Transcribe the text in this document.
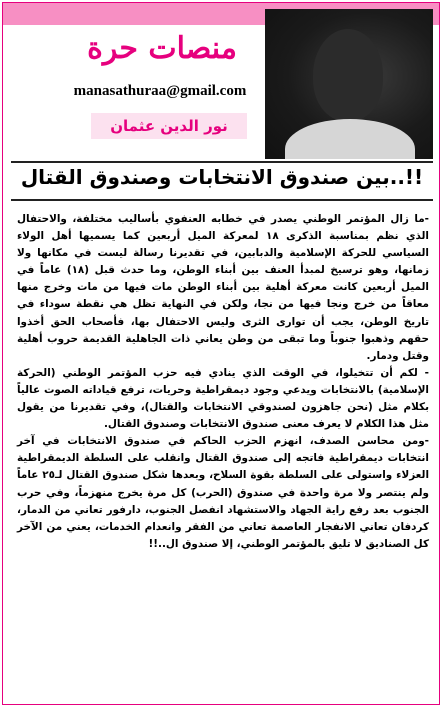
منصات حرة
manasathuraa@gmail.com
نور الدين عثمان
بين صندوق الانتخابات وصندوق القتال..!!

-ما زال المؤتمر الوطني يصدر في خطابه العنفوي بأساليب مختلفة، والاحتفال الذي نظم بمناسبة الذكرى ١٨ لمعركة الميل أربعين كما يسميها أهل الولاء السياسي للحركة الإسلامية والدبابين، في تقديرنا رسالة ليست في مكانها ولا زمانها، وهو ترسيخ لمبدأ العنف بين أبناء الوطن، وما حدث قبل (١٨) عاماً في الميل أربعين كانت معركة أهلية بين أبناء الوطن مات فيها من مات وخرج منها معاقاً من خرج ونجا فيها من نجا، ولكن في النهاية تظل هي نقطة سوداء في تاريخ الوطن، يجب أن توارى الثرى وليس الاحتفال بها، فأصحاب الحق أخذوا حقهم وذهبوا جنوباً وما تبقى من وطن يعاني ذات الجاهلية القديمة حروب أهلية وقتل ودمار.

- لكم أن تتخيلوا، في الوقت الذي ينادي فيه حزب المؤتمر الوطني (الحركة الإسلامية) بالانتخابات ويدعي وجود ديمقراطية وحريات، ترفع قياداته الصوت عالياً بكلام مثل (نحن جاهزون لصندوقي الانتخابات والقتال)، وفي تقديرنا من يقول مثل هذا الكلام لا يعرف معنى صندوق الانتخابات وصندوق القتال.

-ومن محاسن الصدف، انهزم الحزب الحاكم في صندوق الانتخابات في آخر انتخابات ديمقراطية فاتجه إلى صندوق القتال وانقلب على السلطة الديمقراطية العزلاء واستولى على السلطة بقوة السلاح، وبعدها شكل صندوق القتال لـ٢٥ عاماً ولم ينتصر ولا مرة واحدة في صندوق (الحرب) كل مرة يخرج منهزماً، وفي حرب الجنوب بعد رفع راية الجهاد والاستشهاد انفصل الجنوب، دارفور تعاني من الدمار، كردفان تعاني الانفجار العاصمة تعاني من الفقر وانعدام الخدمات، يعني من الآخر كل الصناديق لا تليق بالمؤتمر الوطني، إلا صندوق ال..!!
